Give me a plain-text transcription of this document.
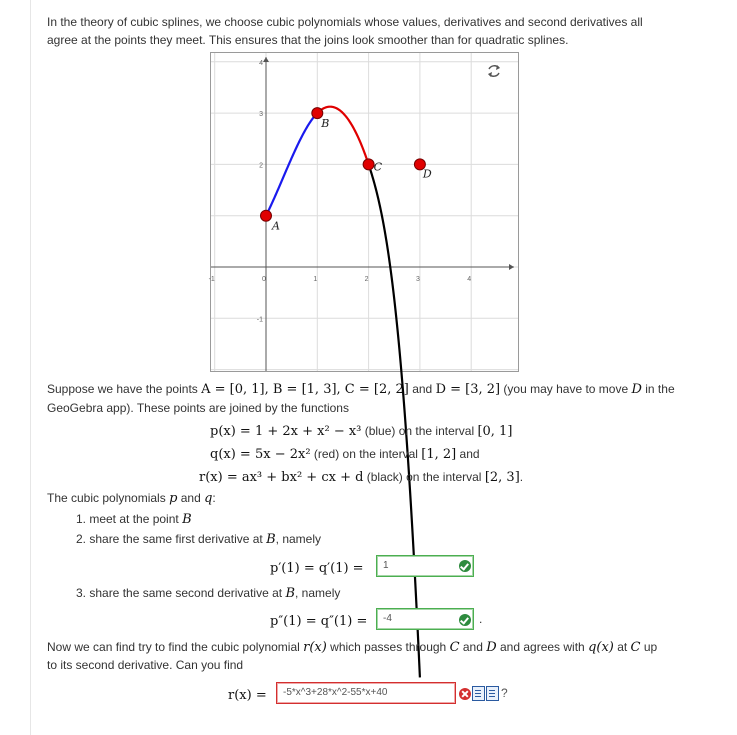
In the theory of cubic splines, we choose cubic polynomials whose values, derivatives and second derivatives all
agree at the points they meet. This ensures that the joins look smoother than for quadratic splines.
-1	0	1	2	3	4
4
3
2
-1
A
B
C
D
Suppose we have the points A = [0, 1], B = [1, 3], C = [2, 2] and D = [3, 2] (you may have to move D in the
GeoGebra app). These points are joined by the functions
p(x) = 1 + 2x + x² − x³ (blue) on the interval [0, 1]
q(x) = 5x − 2x² (red) on the interval [1, 2] and
r(x) = ax³ + bx² + cx + d (black) on the interval [2, 3].
The cubic polynomials p and q:
1. meet at the point B
2. share the same first derivative at B, namely
p′(1) = q′(1) =	1
3. share the same second derivative at B, namely
p″(1) = q″(1) =	-4	.
Now we can find try to find the cubic polynomial r(x) which passes through C and D and agrees with q(x) at C up
to its second derivative. Can you find
r(x) =	-5*x^3+28*x^2-55*x+40	?
